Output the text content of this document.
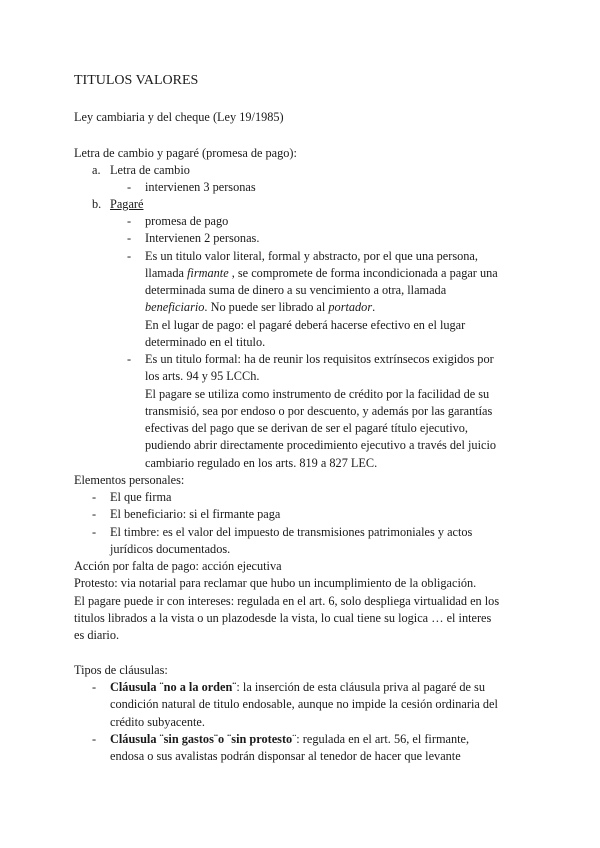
TITULOS VALORES
Ley cambiaria y del cheque (Ley 19/1985)
Letra de cambio y pagaré (promesa de pago):
a. Letra de cambio
- intervienen 3 personas
b. Pagaré
- promesa de pago
- Intervienen 2 personas.
- Es un titulo valor literal, formal y abstracto, por el que una persona,
llamada firmante , se compromete de forma incondicionada a pagar una
determinada suma de dinero a su vencimiento a otra, llamada
beneficiario. No puede ser librado al portador.
En el lugar de pago: el pagaré deberá hacerse efectivo en el lugar
determinado en el titulo.
- Es un titulo formal: ha de reunir los requisitos extrínsecos exigidos por
los arts. 94 y 95 LCCh.
El pagare se utiliza como instrumento de crédito por la facilidad de su
transmisió, sea por endoso o por descuento, y además por las garantías
efectivas del pago que se derivan de ser el pagaré título ejecutivo,
pudiendo abrir directamente procedimiento ejecutivo a través del juicio
cambiario regulado en los arts. 819 a 827 LEC.
Elementos personales:
- El que firma
- El beneficiario: si el firmante paga
- El timbre: es el valor del impuesto de transmisiones patrimoniales y actos
jurídicos documentados.
Acción por falta de pago: acción ejecutiva
Protesto: via notarial para reclamar que hubo un incumplimiento de la obligación.
El pagare puede ir con intereses: regulada en el art. 6, solo despliega virtualidad en los
titulos librados a la vista o un plazodesde la vista, lo cual tiene su logica … el interes
es diario.
Tipos de cláusulas:
- Cláusula ¨no a la orden¨: la inserción de esta cláusula priva al pagaré de su
condición natural de titulo endosable, aunque no impide la cesión ordinaria del
crédito subyacente.
- Cláusula ¨sin gastos¨o ¨sin protesto¨: regulada en el art. 56, el firmante,
endosa o sus avalistas podrán disponsar al tenedor de hacer que levante
